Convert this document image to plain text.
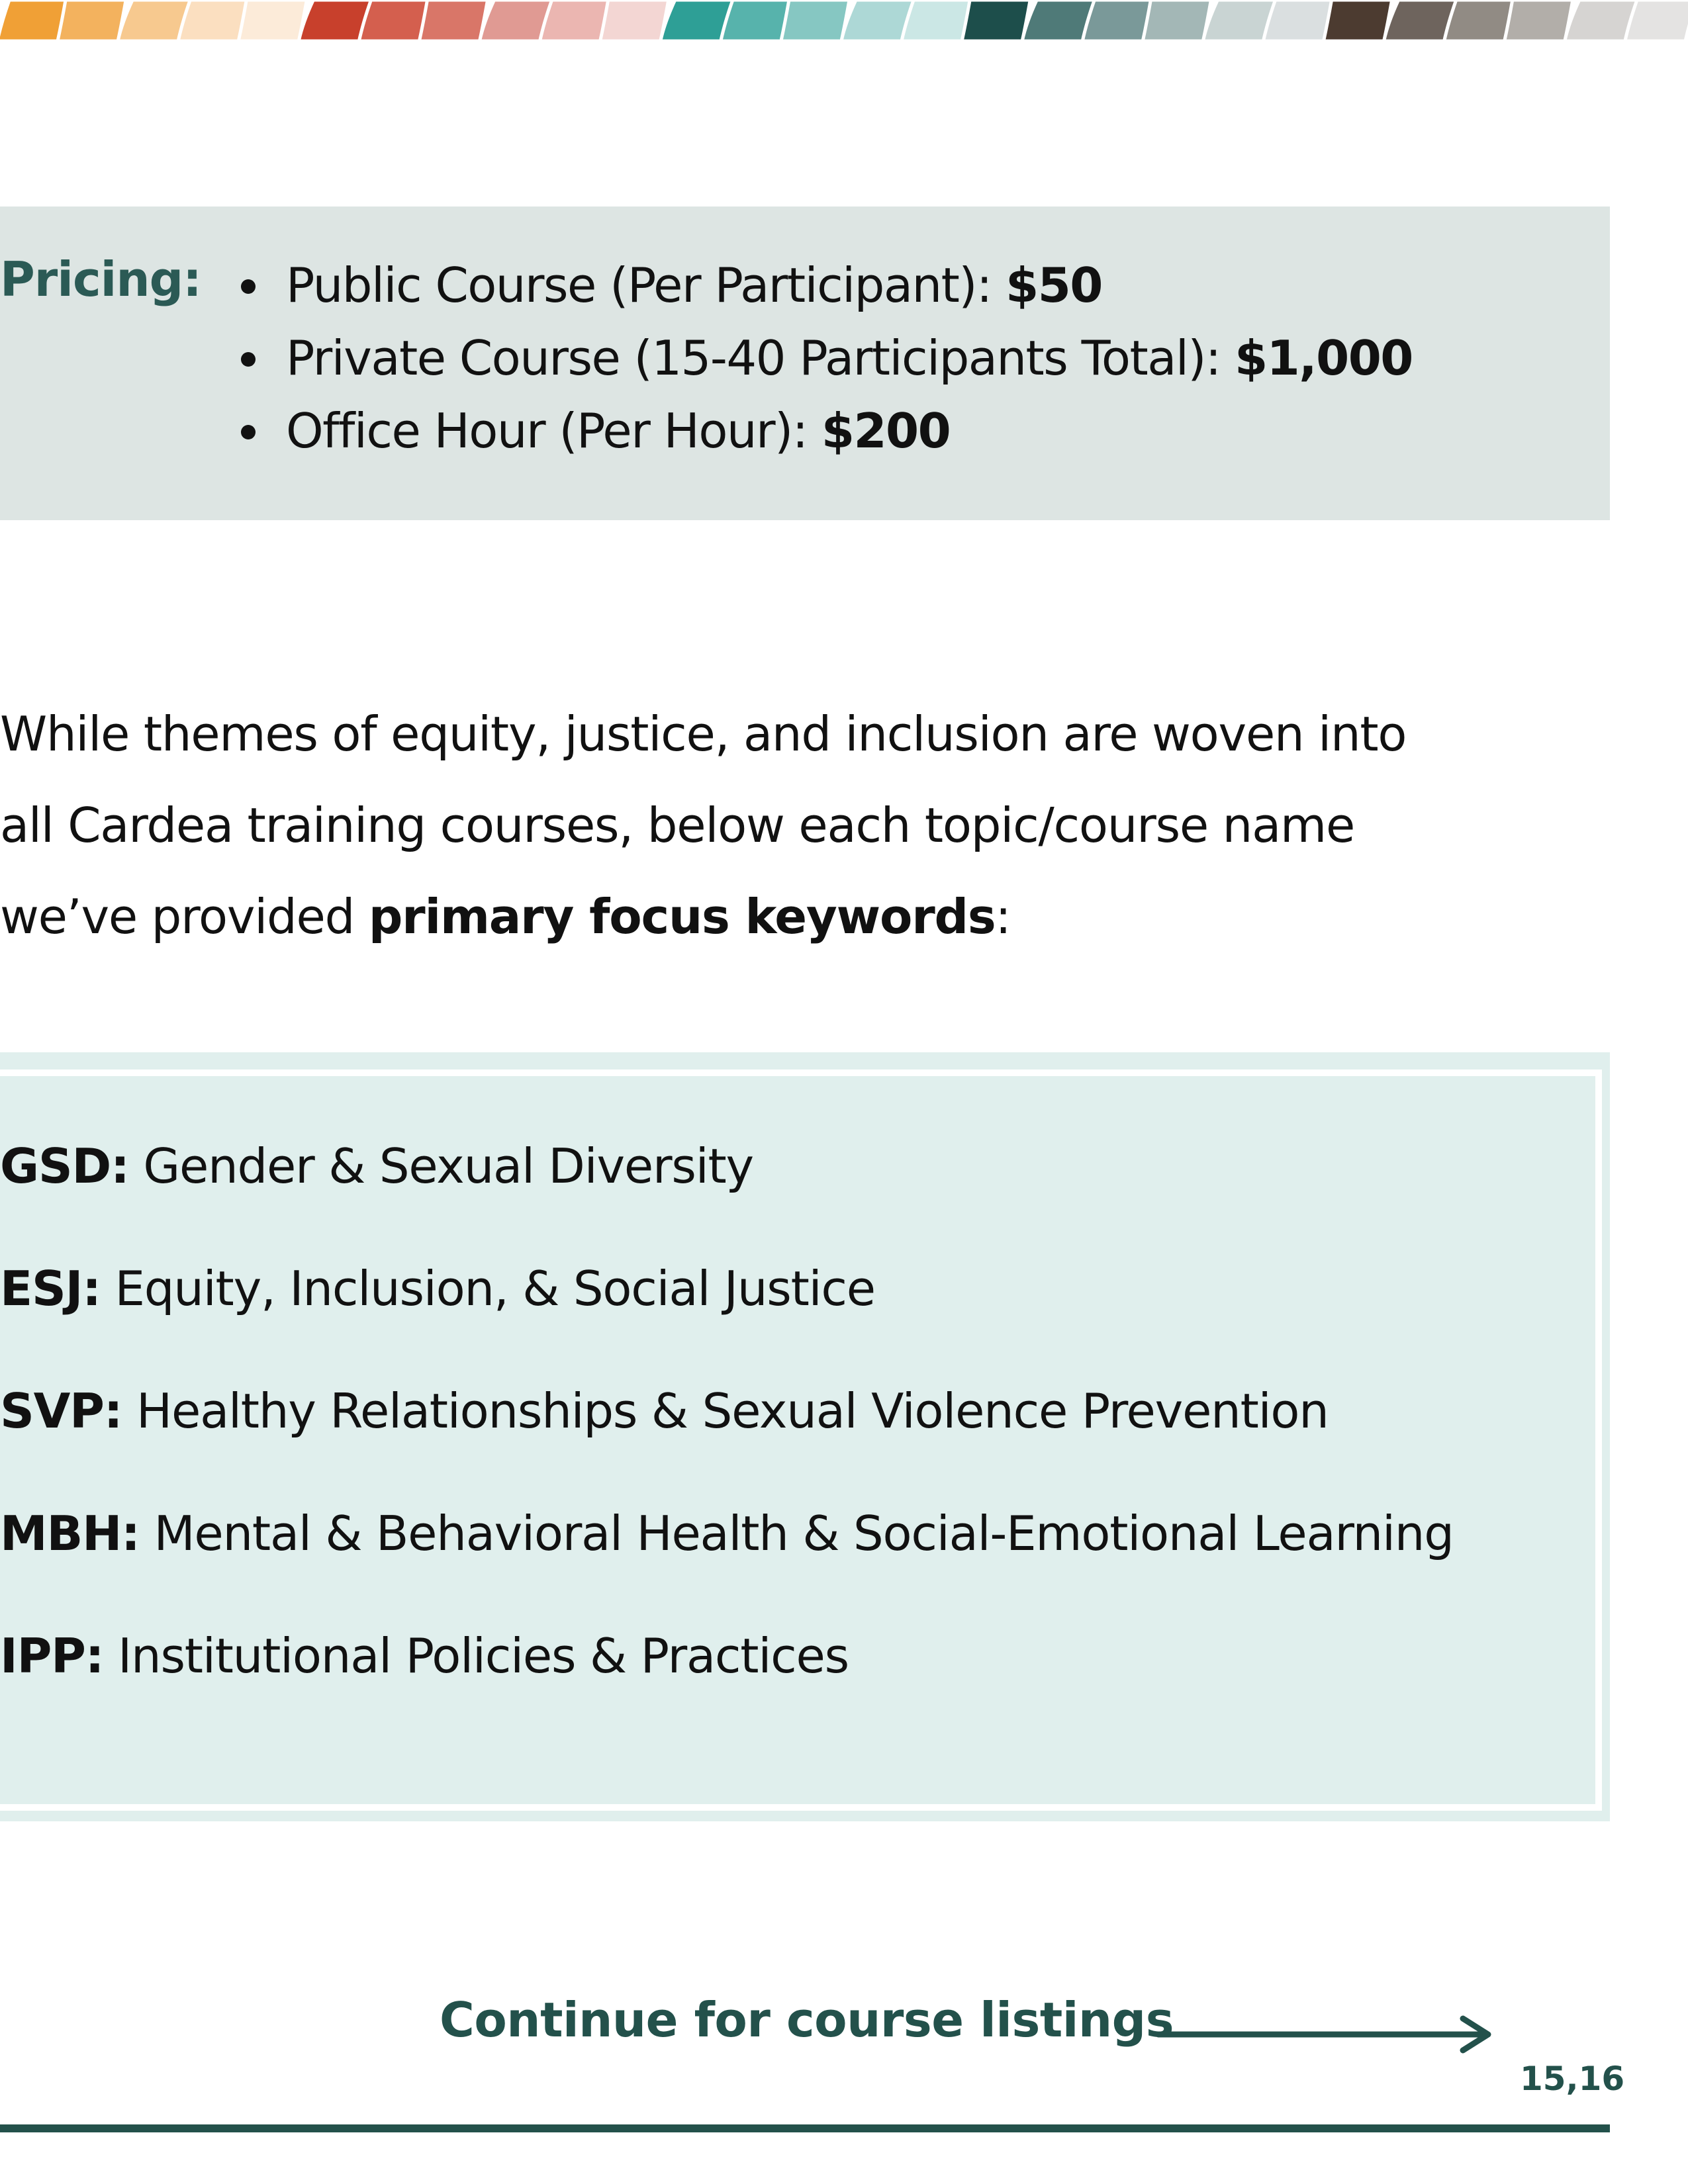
Pricing:	Public Course (Per Participant): $50
Private Course (15-40 Participants Total): $1,000
Office Hour (Per Hour): $200
While themes of equity, justice, and inclusion are woven into
all Cardea training courses, below each topic/course name
we’ve provided primary focus keywords:
GSD: Gender & Sexual Diversity
ESJ: Equity, Inclusion, & Social Justice
SVP: Healthy Relationships & Sexual Violence Prevention
MBH: Mental & Behavioral Health & Social-Emotional Learning
IPP: Institutional Policies & Practices
Continue for course listings
15,16
